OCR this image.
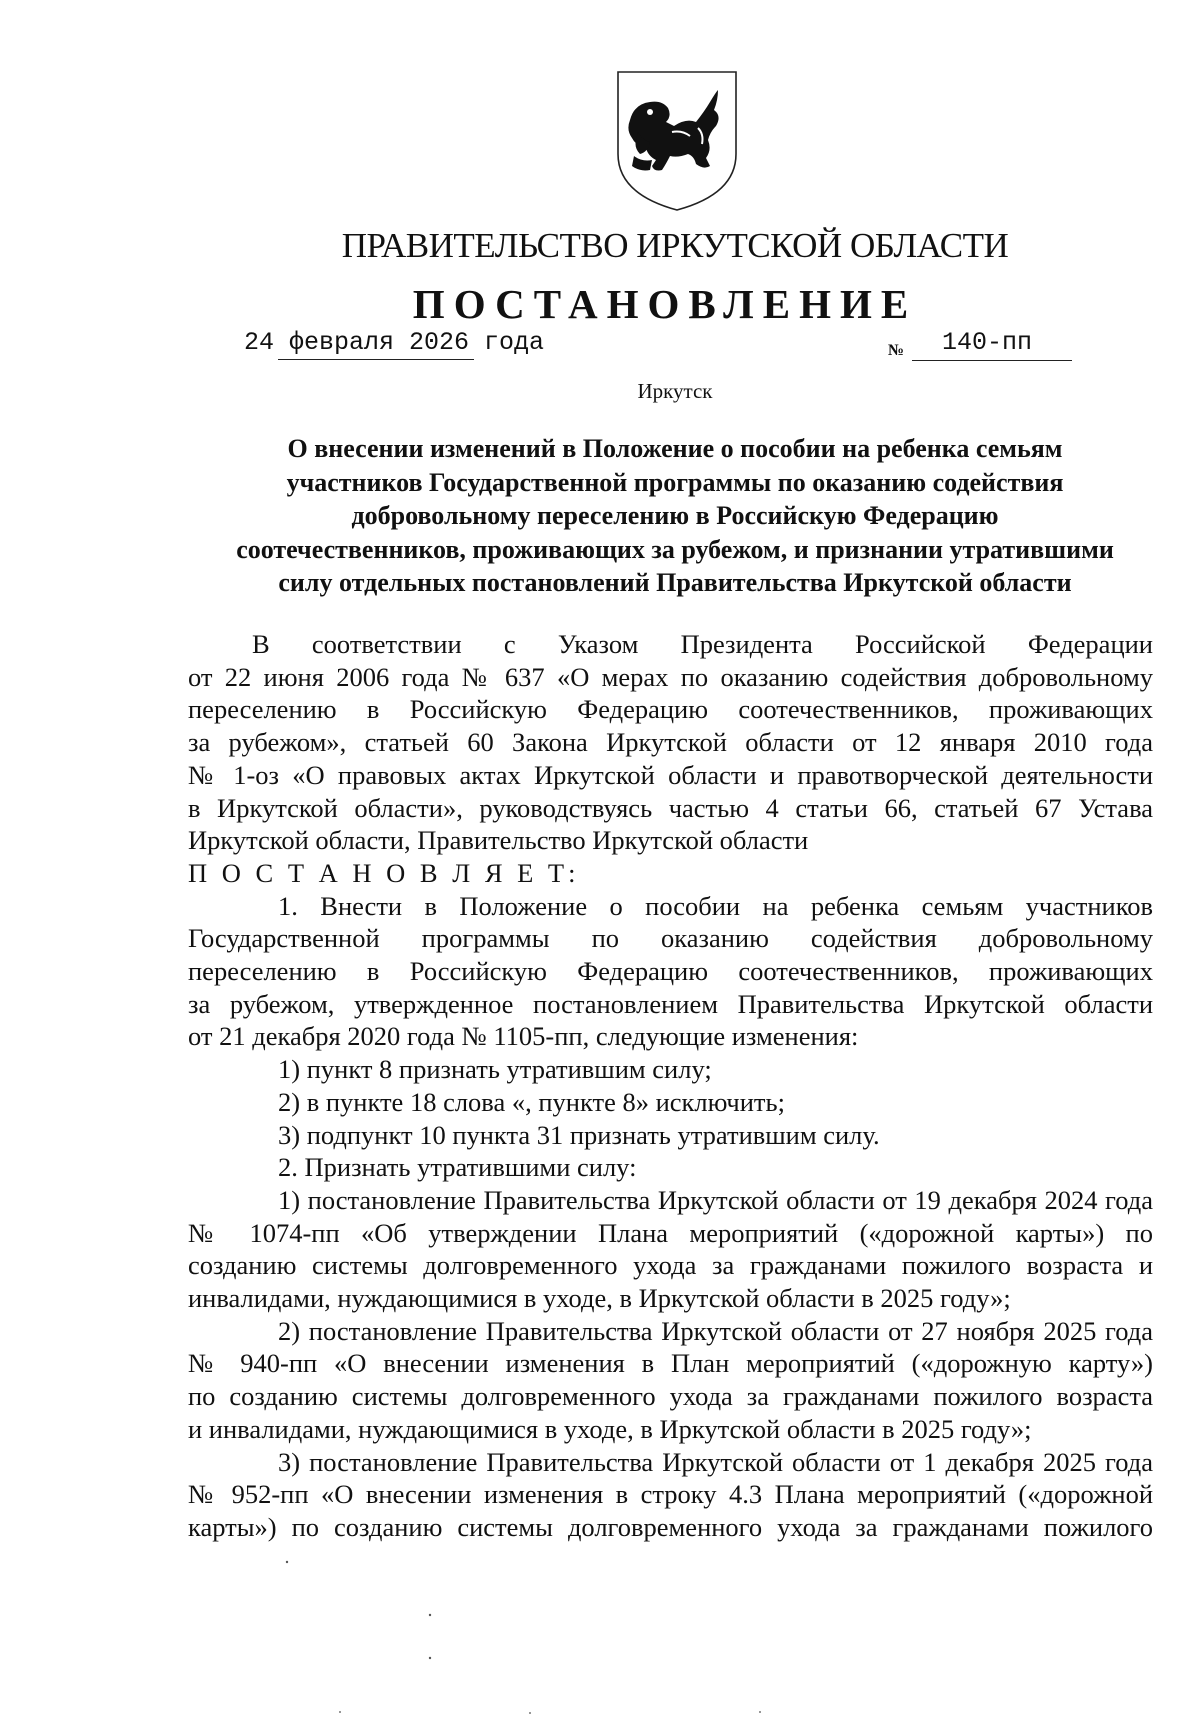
ПРАВИТЕЛЬСТВО ИРКУТСКОЙ ОБЛАСТИ
ПОСТАНОВЛЕНИЕ
24 февраля 2026 года	№ 140-пп
Иркутск
О внесении изменений в Положение о пособии на ребенка семьям
участников Государственной программы по оказанию содействия
добровольному переселению в Российскую Федерацию
соотечественников, проживающих за рубежом, и признании утратившими
силу отдельных постановлений Правительства Иркутской области
В соответствии с Указом Президента Российской Федерации
от 22 июня 2006 года № 637 «О мерах по оказанию содействия добровольному
переселению в Российскую Федерацию соотечественников, проживающих
за рубежом», статьей 60 Закона Иркутской области от 12 января 2010 года
№ 1-оз «О правовых актах Иркутской области и правотворческой деятельности
в Иркутской области», руководствуясь частью 4 статьи 66, статьей 67 Устава
Иркутской области, Правительство Иркутской области
П О С Т А Н О В Л Я Е Т:
1. Внести в Положение о пособии на ребенка семьям участников
Государственной программы по оказанию содействия добровольному
переселению в Российскую Федерацию соотечественников, проживающих
за рубежом, утвержденное постановлением Правительства Иркутской области
от 21 декабря 2020 года № 1105-пп, следующие изменения:
1) пункт 8 признать утратившим силу;
2) в пункте 18 слова «, пункте 8» исключить;
3) подпункт 10 пункта 31 признать утратившим силу.
2. Признать утратившими силу:
1) постановление Правительства Иркутской области от 19 декабря 2024 года
№ 1074-пп «Об утверждении Плана мероприятий («дорожной карты») по
созданию системы долговременного ухода за гражданами пожилого возраста и
инвалидами, нуждающимися в уходе, в Иркутской области в 2025 году»;
2) постановление Правительства Иркутской области от 27 ноября 2025 года
№ 940-пп «О внесении изменения в План мероприятий («дорожную карту»)
по созданию системы долговременного ухода за гражданами пожилого возраста
и инвалидами, нуждающимися в уходе, в Иркутской области в 2025 году»;
3) постановление Правительства Иркутской области от 1 декабря 2025 года
№ 952-пп «О внесении изменения в строку 4.3 Плана мероприятий («дорожной
карты») по созданию системы долговременного ухода за гражданами пожилого
